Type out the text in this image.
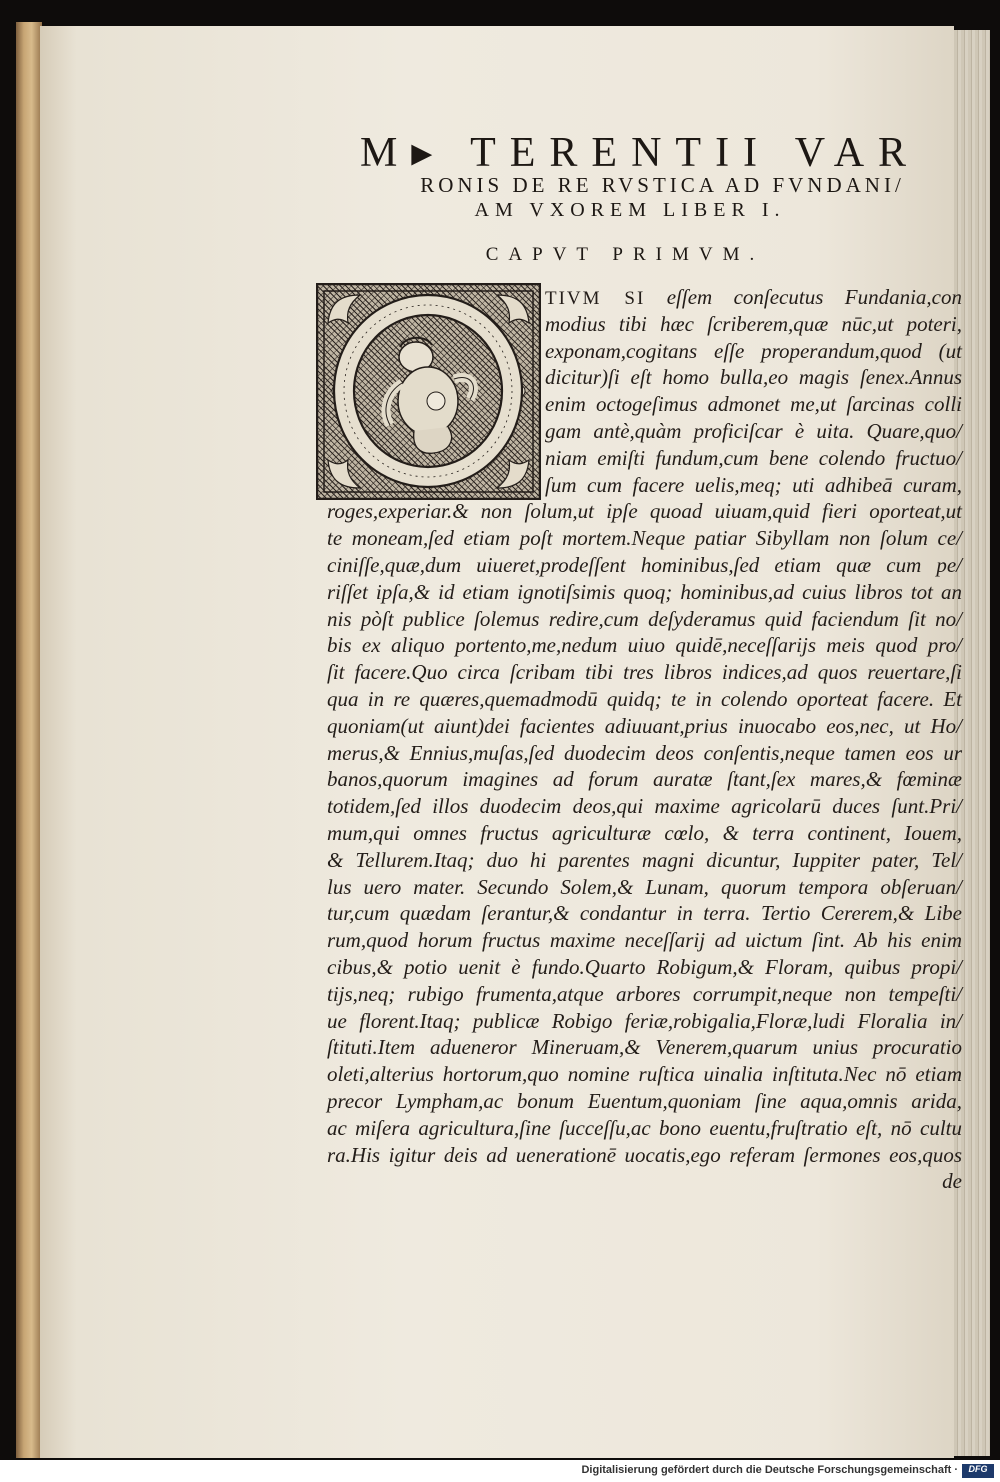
M▸ TERENTII VAR
RONIS DE RE RVSTICA AD FVNDANI/
AM VXOREM LIBER I.
CAPVT PRIMVM.
TIVM SI eſſem conſecutus Fundania,con
modius tibi hæc ſcriberem,quæ nūc,ut poteri,
exponam,cogitans eſſe properandum,quod (ut
dicitur)ſi eſt homo bulla,eo magis ſenex.Annus
enim octogeſimus admonet me,ut ſarcinas colli
gam antè,quàm proficiſcar è uita. Quare,quo/
niam emiſti fundum,cum bene colendo fructuo/
ſum cum facere uelis,meq; uti adhibeā curam,
roges,experiar.& non ſolum,ut ipſe quoad uiuam,quid fieri oporteat,ut
te moneam,ſed etiam poſt mortem.Neque patiar Sibyllam non ſolum ce/
ciniſſe,quæ,dum uiueret,prodeſſent hominibus,ſed etiam quæ cum pe/
riſſet ipſa,& id etiam ignotiſsimis quoq; hominibus,ad cuius libros tot an
nis pòſt publice ſolemus redire,cum deſyderamus quid faciendum ſit no/
bis ex aliquo portento,me,nedum uiuo quidē,neceſſarijs meis quod pro/
ſit facere.Quo circa ſcribam tibi tres libros indices,ad quos reuertare,ſi
qua in re quæres,quemadmodū quidq; te in colendo oporteat facere. Et
quoniam(ut aiunt)dei facientes adiuuant,prius inuocabo eos,nec, ut Ho/
merus,& Ennius,muſas,ſed duodecim deos conſentis,neque tamen eos ur
banos,quorum imagines ad forum auratæ ſtant,ſex mares,& fœminæ
totidem,ſed illos duodecim deos,qui maxime agricolarū duces ſunt.Pri/
mum,qui omnes fructus agriculturæ cœlo, & terra continent, Iouem,
& Tellurem.Itaq; duo hi parentes magni dicuntur, Iuppiter pater, Tel/
lus uero mater. Secundo Solem,& Lunam, quorum tempora obſeruan/
tur,cum quædam ſerantur,& condantur in terra. Tertio Cererem,& Libe
rum,quod horum fructus maxime neceſſarij ad uictum ſint. Ab his enim
cibus,& potio uenit è fundo.Quarto Robigum,& Floram, quibus propi/
tijs,neq; rubigo frumenta,atque arbores corrumpit,neque non tempeſti/
ue florent.Itaq; publicæ Robigo feriæ,robigalia,Floræ,ludi Floralia in/
ſtituti.Item adueneror Mineruam,& Venerem,quarum unius procuratio
oleti,alterius hortorum,quo nomine ruſtica uinalia inſtituta.Nec nō etiam
precor Lympham,ac bonum Euentum,quoniam ſine aqua,omnis arida,
ac miſera agricultura,ſine ſucceſſu,ac bono euentu,fruſtratio eſt, nō cultu
ra.His igitur deis ad uenerationē uocatis,ego referam ſermones eos,quos
de
Digitalisierung gefördert durch die Deutsche Forschungsgemeinschaft ·	DFG
